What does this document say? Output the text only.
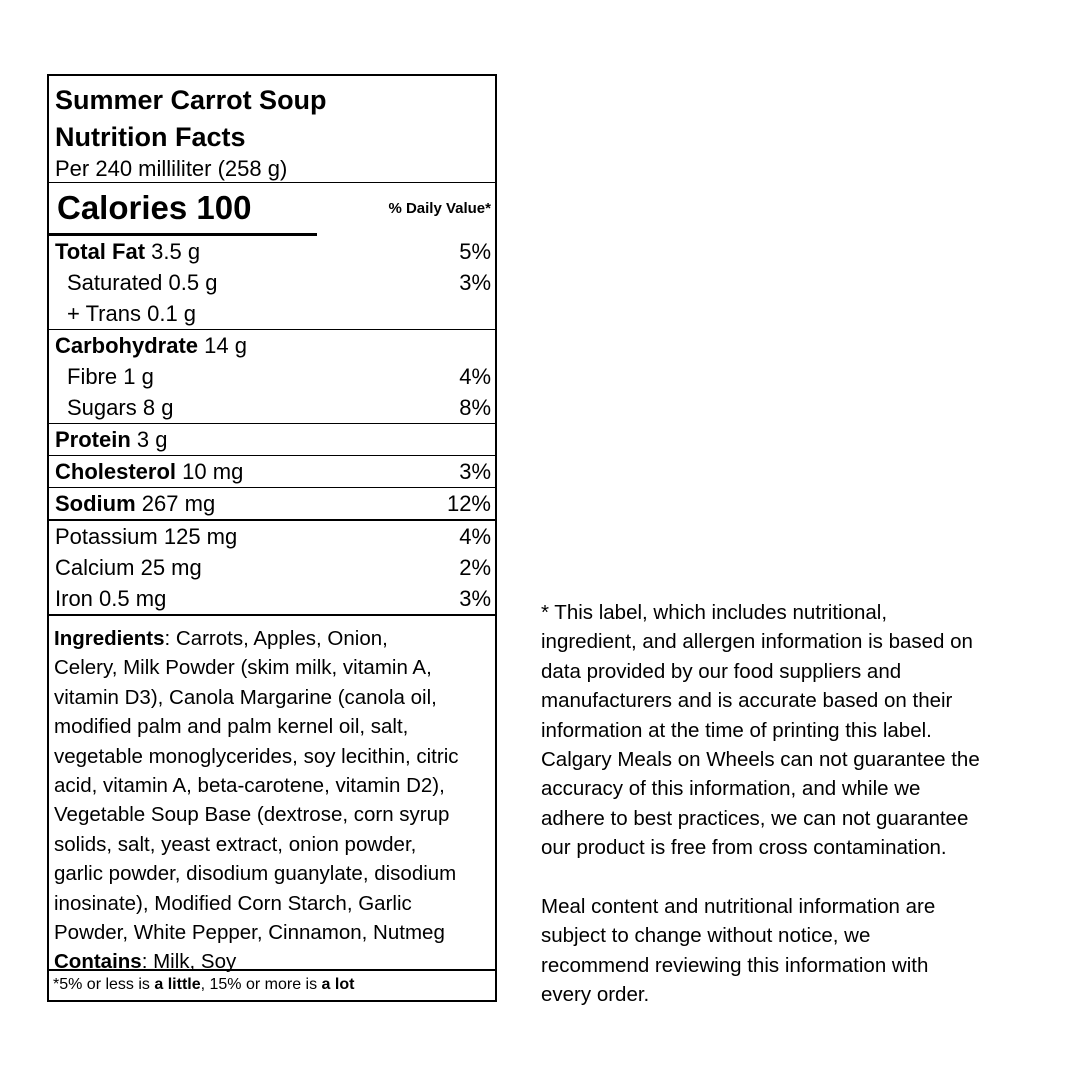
Summer Carrot Soup
Nutrition Facts
Per 240 milliliter (258 g)
Calories 100	% Daily Value*
Total Fat 3.5 g	5%
Saturated 0.5 g	3%
+ Trans 0.1 g
Carbohydrate 14 g
Fibre 1 g	4%
Sugars 8 g	8%
Protein 3 g
Cholesterol 10 mg	3%
Sodium 267 mg	12%
Potassium 125 mg	4%
Calcium 25 mg	2%
Iron 0.5 mg	3%
Ingredients: Carrots, Apples, Onion,
Celery, Milk Powder (skim milk, vitamin A,
vitamin D3), Canola Margarine (canola oil,
modified palm and palm kernel oil, salt,
vegetable monoglycerides, soy lecithin, citric
acid, vitamin A, beta-carotene, vitamin D2),
Vegetable Soup Base (dextrose, corn syrup
solids, salt, yeast extract, onion powder,
garlic powder, disodium guanylate, disodium
inosinate), Modified Corn Starch, Garlic
Powder, White Pepper, Cinnamon, Nutmeg
Contains: Milk, Soy
*5% or less is a little, 15% or more is a lot
* This label, which includes nutritional,
ingredient, and allergen information is based on
data provided by our food suppliers and
manufacturers and is accurate based on their
information at the time of printing this label.
Calgary Meals on Wheels can not guarantee the
accuracy of this information, and while we
adhere to best practices, we can not guarantee
our product is free from cross contamination.
Meal content and nutritional information are
subject to change without notice, we
recommend reviewing this information with
every order.
